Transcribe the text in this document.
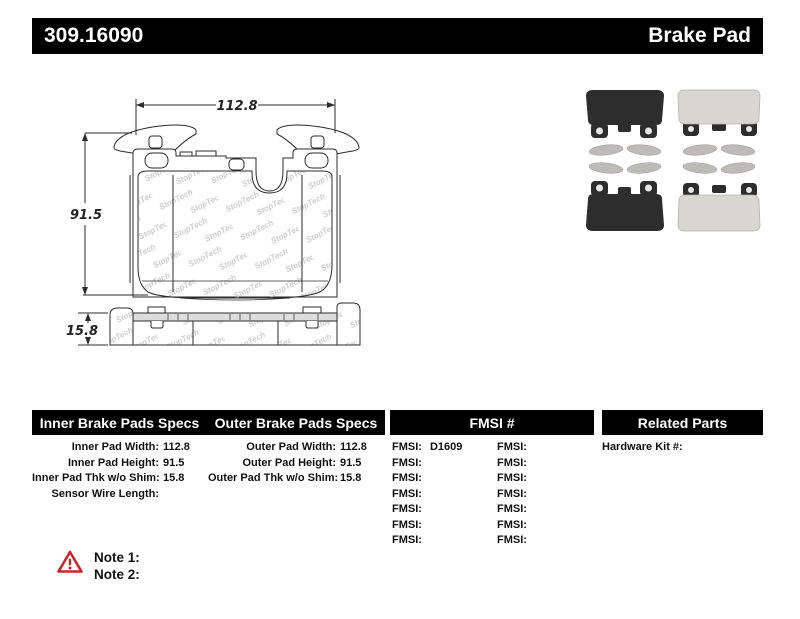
309.16090	Brake Pad
112.8
91.5
15.8
Inner Brake Pads Specs Outer Brake Pads Specs	FMSI #	Related Parts
Inner Pad Width: 112.8
Inner Pad Height: 91.5
Inner Pad Thk w/o Shim: 15.8
Sensor Wire Length:
Outer Pad Width: 112.8
Outer Pad Height: 91.5
Outer Pad Thk w/o Shim: 15.8
FMSI: D1609
FMSI:
FMSI:
FMSI:
FMSI:
FMSI:
FMSI:
FMSI:
FMSI:
FMSI:
FMSI:
FMSI:
FMSI:
FMSI:
Hardware Kit #:
Note 1:
Note 2:
